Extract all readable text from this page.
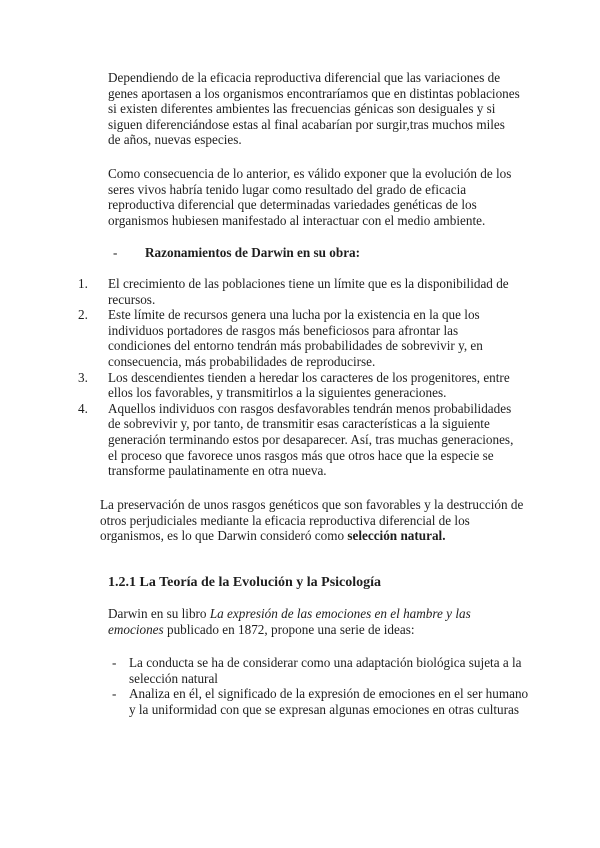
Dependiendo de la eficacia reproductiva diferencial que las variaciones de genes aportasen a los organismos encontraríamos que en distintas poblaciones si existen diferentes ambientes las frecuencias génicas son desiguales y si siguen diferenciándose estas al final acabarían por surgir,tras muchos miles de años, nuevas especies.

Como consecuencia de lo anterior, es válido exponer que la evolución de los seres vivos habría tenido lugar como resultado del grado de eficacia reproductiva diferencial que determinadas variedades genéticas de los organismos hubiesen manifestado al interactuar con el medio ambiente.

- Razonamientos de Darwin en su obra:
1. El crecimiento de las poblaciones tiene un límite que es la disponibilidad de recursos.
2. Este límite de recursos genera una lucha por la existencia en la que los individuos portadores de rasgos más beneficiosos para afrontar las condiciones del entorno tendrán más probabilidades de sobrevivir y, en consecuencia, más probabilidades de reproducirse.
3. Los descendientes tienden a heredar los caracteres de los progenitores, entre ellos los favorables, y transmitirlos a la siguientes generaciones.
4. Aquellos individuos con rasgos desfavorables tendrán menos probabilidades de sobrevivir y, por tanto, de transmitir esas características a la siguiente generación terminando estos por desaparecer. Así, tras muchas generaciones, el proceso que favorece unos rasgos más que otros hace que la especie se transforme paulatinamente en otra nueva.

La preservación de unos rasgos genéticos que son favorables y la destrucción de otros perjudiciales mediante la eficacia reproductiva diferencial de los organismos, es lo que Darwin consideró como selección natural.

1.2.1 La Teoría de la Evolución y la Psicología

Darwin en su libro La expresión de las emociones en el hambre y las emociones publicado en 1872, propone una serie de ideas:

- La conducta se ha de considerar como una adaptación biológica sujeta a la selección natural
- Analiza en él, el significado de la expresión de emociones en el ser humano y la uniformidad con que se expresan algunas emociones en otras culturas
